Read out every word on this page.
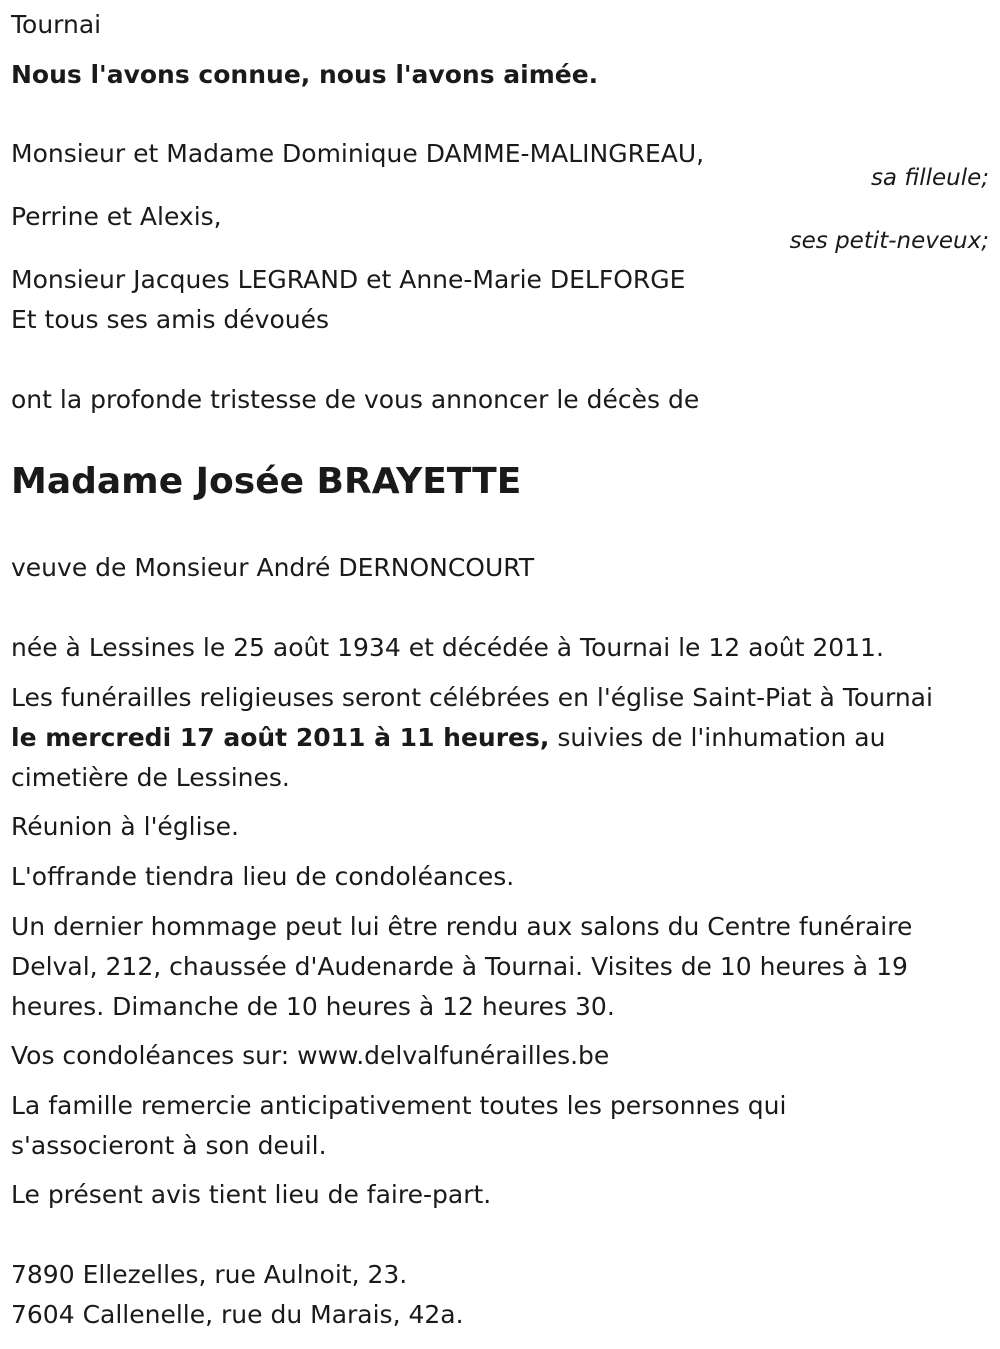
Tournai
Nous l'avons connue, nous l'avons aimée.
Monsieur et Madame Dominique DAMME-MALINGREAU,
sa filleule;
Perrine et Alexis,
ses petit-neveux;
Monsieur Jacques LEGRAND et Anne-Marie DELFORGE
Et tous ses amis dévoués
ont la profonde tristesse de vous annoncer le décès de
Madame Josée BRAYETTE
veuve de Monsieur André DERNONCOURT
née à Lessines le 25 août 1934 et décédée à Tournai le 12 août 2011.
Les funérailles religieuses seront célébrées en l'église Saint-Piat à Tournai
le mercredi 17 août 2011 à 11 heures, suivies de l'inhumation au
cimetière de Lessines.
Réunion à l'église.
L'offrande tiendra lieu de condoléances.
Un dernier hommage peut lui être rendu aux salons du Centre funéraire
Delval, 212, chaussée d'Audenarde à Tournai. Visites de 10 heures à 19
heures. Dimanche de 10 heures à 12 heures 30.
Vos condoléances sur: www.delvalfunérailles.be
La famille remercie anticipativement toutes les personnes qui
s'associeront à son deuil.
Le présent avis tient lieu de faire-part.
7890 Ellezelles, rue Aulnoit, 23.
7604 Callenelle, rue du Marais, 42a.
